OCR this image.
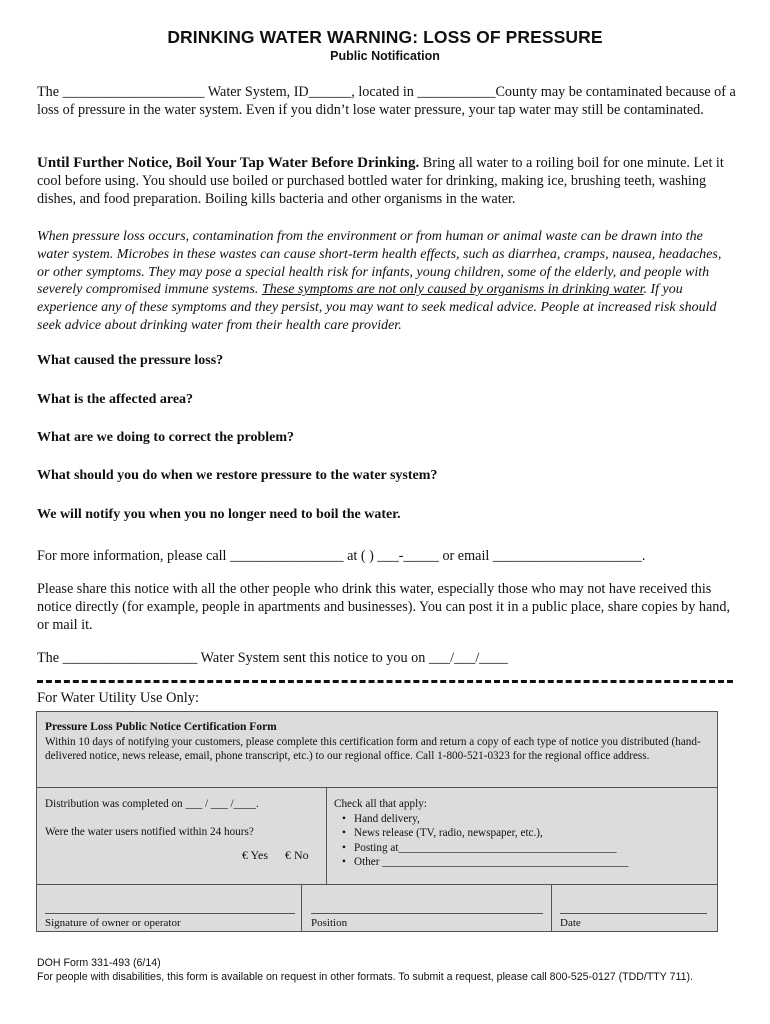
DRINKING WATER WARNING: LOSS OF PRESSURE
Public Notification
The ____________________ Water System, ID______, located in ___________County may be contaminated because of a loss of pressure in the water system. Even if you didn’t lose water pressure, your tap water may still be contaminated.
Until Further Notice, Boil Your Tap Water Before Drinking. Bring all water to a roiling boil for one minute. Let it cool before using. You should use boiled or purchased bottled water for drinking, making ice, brushing teeth, washing dishes, and food preparation. Boiling kills bacteria and other organisms in the water.
When pressure loss occurs, contamination from the environment or from human or animal waste can be drawn into the water system. Microbes in these wastes can cause short-term health effects, such as diarrhea, cramps, nausea, headaches, or other symptoms. They may pose a special health risk for infants, young children, some of the elderly, and people with severely compromised immune systems. These symptoms are not only caused by organisms in drinking water. If you experience any of these symptoms and they persist, you may want to seek medical advice. People at increased risk should seek advice about drinking water from their health care provider.
What caused the pressure loss?
What is the affected area?
What are we doing to correct the problem?
What should you do when we restore pressure to the water system?
We will notify you when you no longer need to boil the water.
For more information, please call ________________ at ( ) ___-_____ or email _____________________.
Please share this notice with all the other people who drink this water, especially those who may not have received this notice directly (for example, people in apartments and businesses). You can post it in a public place, share copies by hand, or mail it.
The ___________________ Water System sent this notice to you on ___/___/____
For Water Utility Use Only:
Pressure Loss Public Notice Certification Form
Within 10 days of notifying your customers, please complete this certification form and return a copy of each type of notice you distributed (hand-delivered notice, news release, email, phone transcript, etc.) to our regional office. Call 1-800-521-0323 for the regional office address.
Distribution was completed on ___ / ___ /____.
Were the water users notified within 24 hours?
€ Yes € No
Check all that apply:
• Hand delivery,
• News release (TV, radio, newspaper, etc.),
• Posting at_______________________________________
• Other ____________________________________________
Signature of owner or operator	Position	Date
DOH Form 331-493 (6/14)
For people with disabilities, this form is available on request in other formats. To submit a request, please call 800-525-0127 (TDD/TTY 711).
